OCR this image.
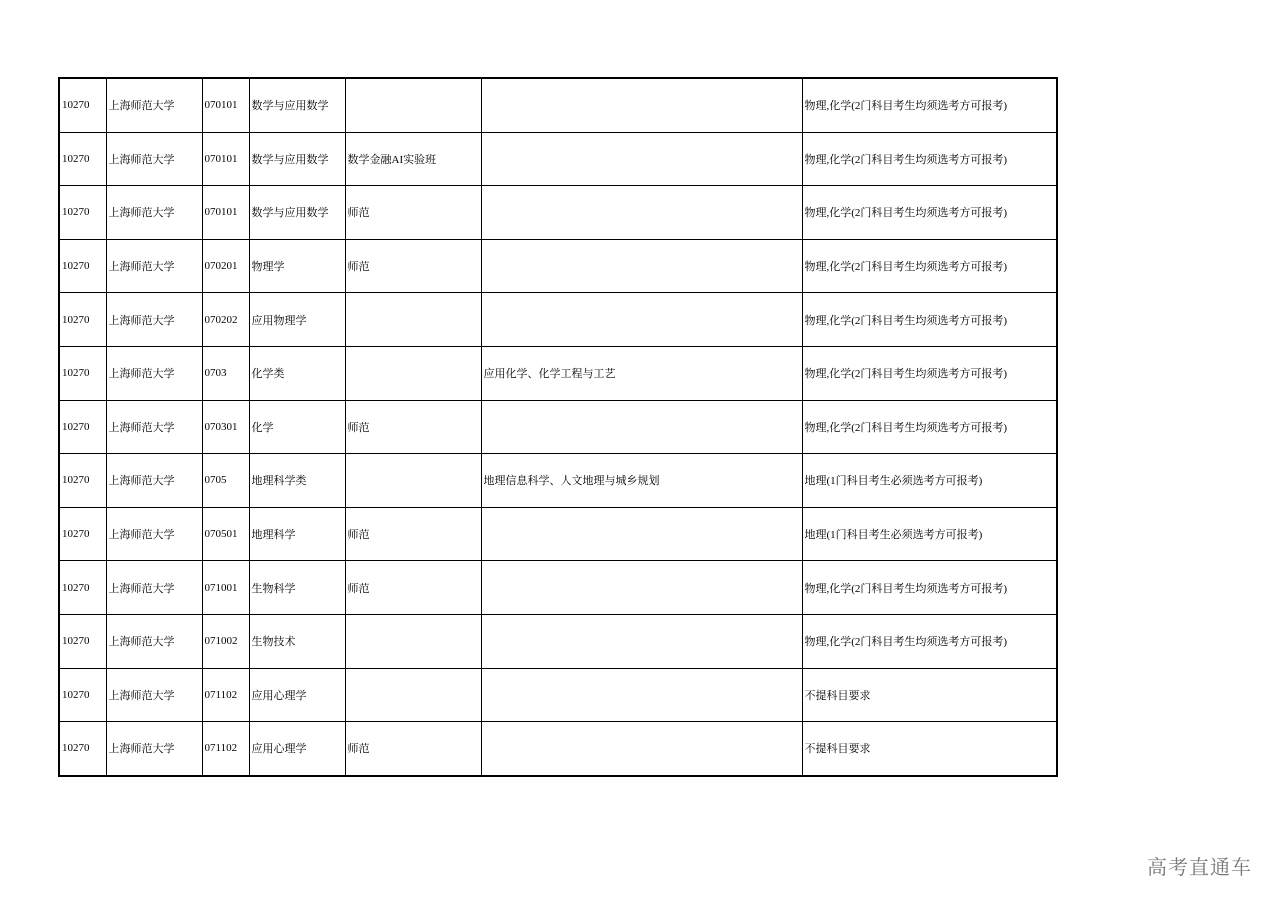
10270	上海师范大学	070101	数学与应用数学			物理,化学(2门科目考生均须选考方可报考)
10270	上海师范大学	070101	数学与应用数学	数学金融AI实验班		物理,化学(2门科目考生均须选考方可报考)
10270	上海师范大学	070101	数学与应用数学	师范		物理,化学(2门科目考生均须选考方可报考)
10270	上海师范大学	070201	物理学	师范		物理,化学(2门科目考生均须选考方可报考)
10270	上海师范大学	070202	应用物理学			物理,化学(2门科目考生均须选考方可报考)
10270	上海师范大学	0703	化学类		应用化学、化学工程与工艺	物理,化学(2门科目考生均须选考方可报考)
10270	上海师范大学	070301	化学	师范		物理,化学(2门科目考生均须选考方可报考)
10270	上海师范大学	0705	地理科学类		地理信息科学、人文地理与城乡规划	地理(1门科目考生必须选考方可报考)
10270	上海师范大学	070501	地理科学	师范		地理(1门科目考生必须选考方可报考)
10270	上海师范大学	071001	生物科学	师范		物理,化学(2门科目考生均须选考方可报考)
10270	上海师范大学	071002	生物技术			物理,化学(2门科目考生均须选考方可报考)
10270	上海师范大学	071102	应用心理学			不提科目要求
10270	上海师范大学	071102	应用心理学	师范		不提科目要求
高考直通车
